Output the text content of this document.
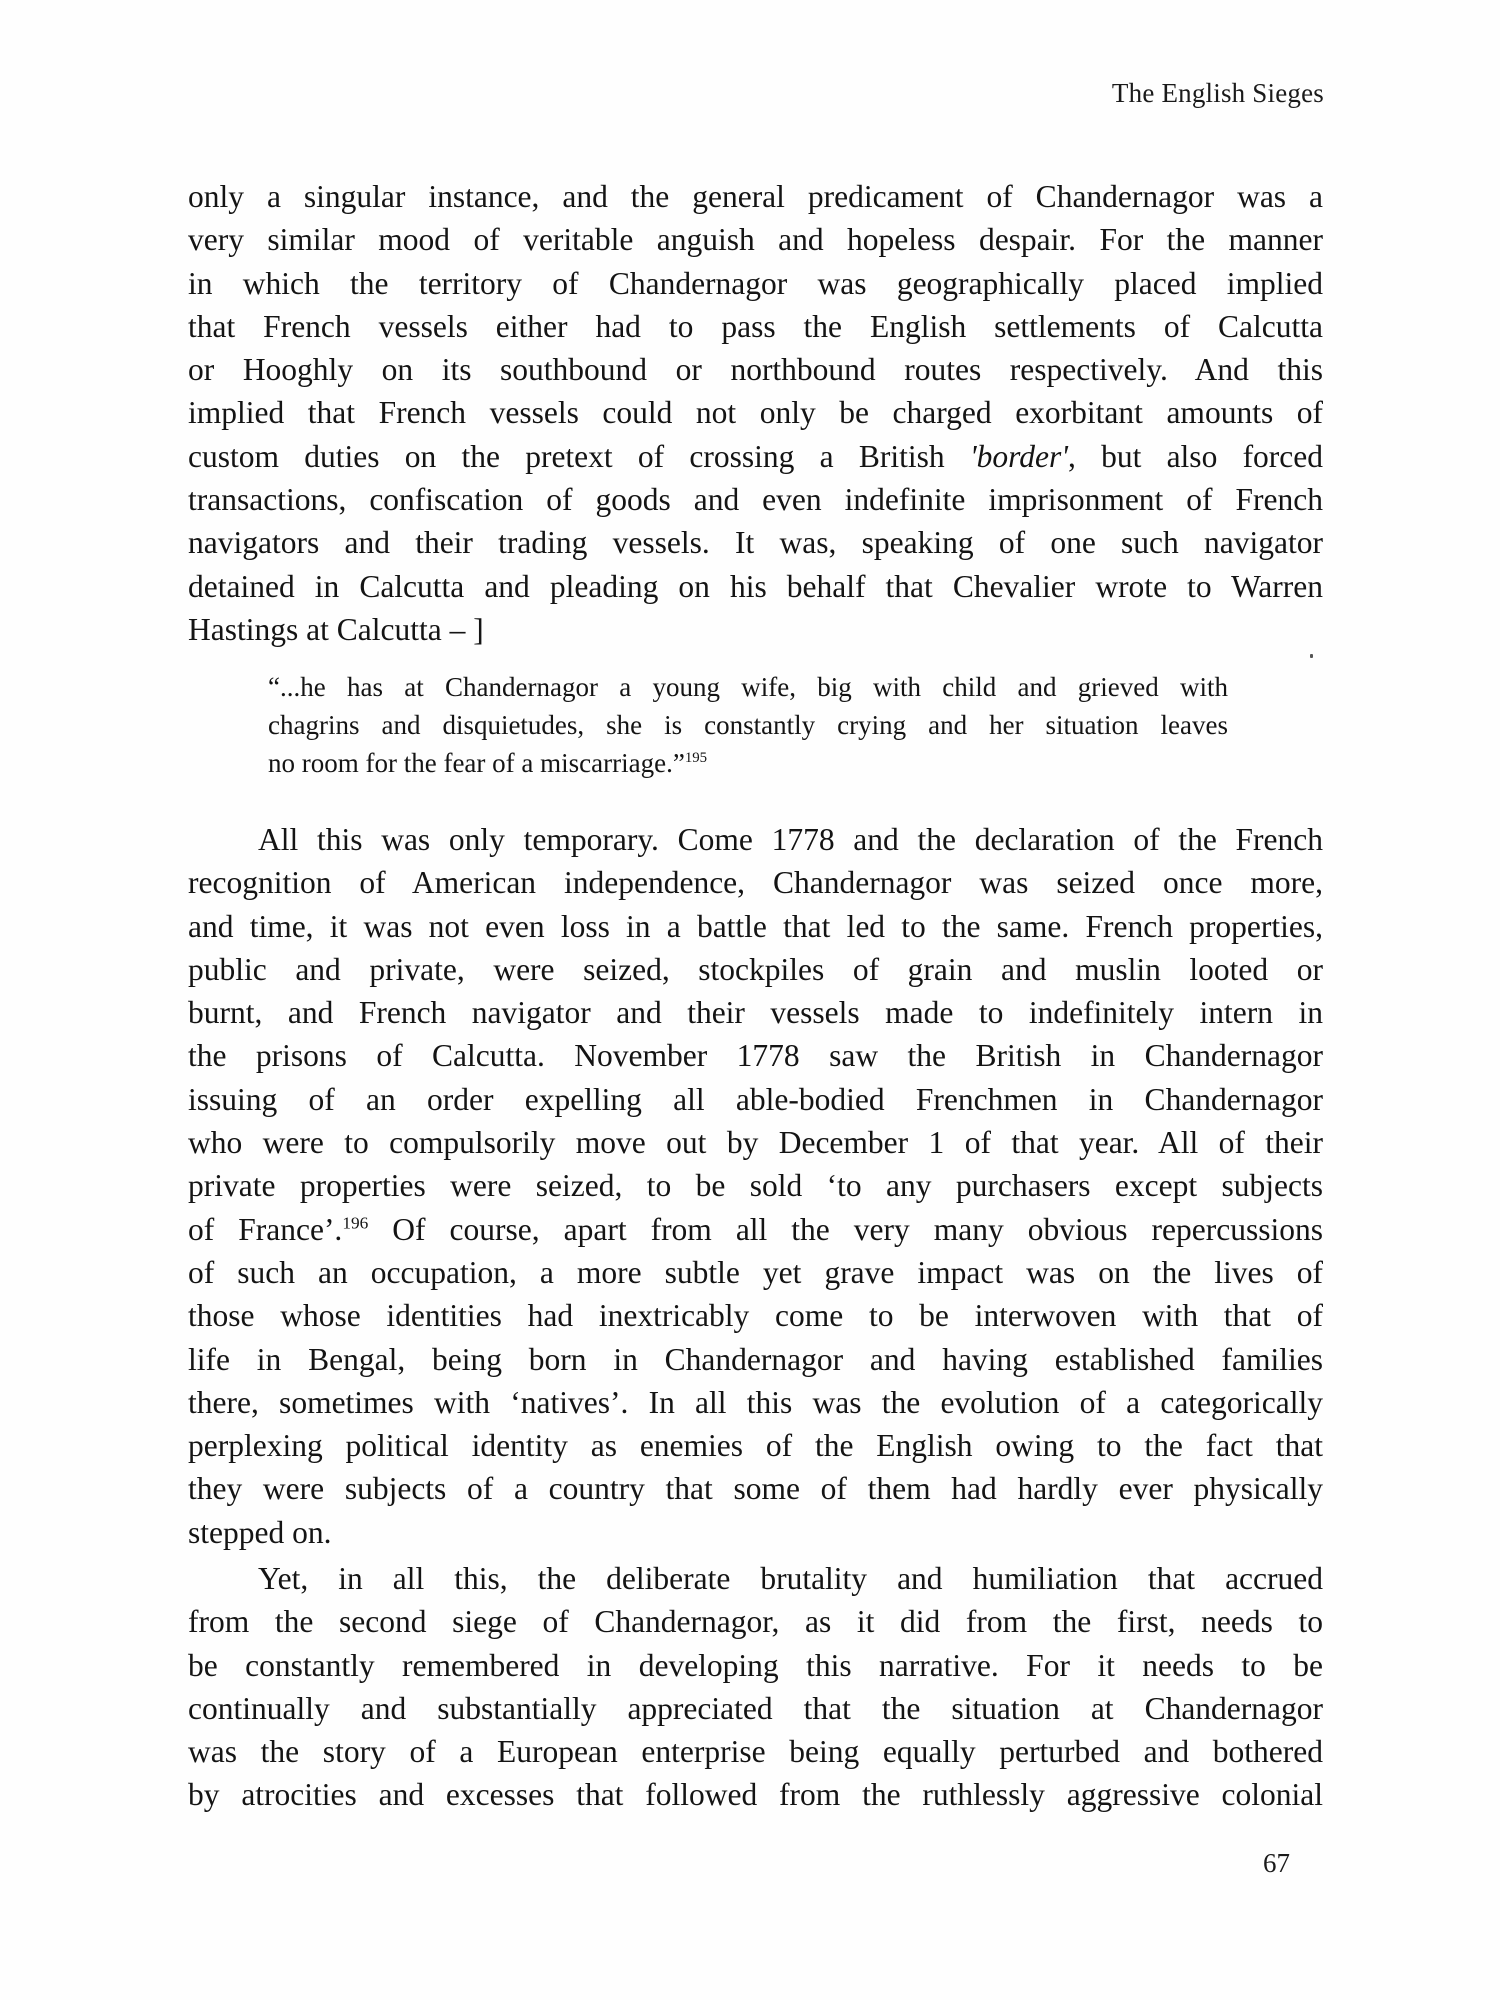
The English Sieges
only a singular instance, and the general predicament of Chandernagor was a
very similar mood of veritable anguish and hopeless despair. For the manner
in which the territory of Chandernagor was geographically placed implied
that French vessels either had to pass the English settlements of Calcutta
or Hooghly on its southbound or northbound routes respectively. And this
implied that French vessels could not only be charged exorbitant amounts of
custom duties on the pretext of crossing a British 'border', but also forced
transactions, confiscation of goods and even indefinite imprisonment of French
navigators and their trading vessels. It was, speaking of one such navigator
detained in Calcutta and pleading on his behalf that Chevalier wrote to Warren
Hastings at Calcutta – ]
“...he has at Chandernagor a young wife, big with child and grieved with
chagrins and disquietudes, she is constantly crying and her situation leaves
no room for the fear of a miscarriage.”$^{195}$
All this was only temporary. Come 1778 and the declaration of the French
recognition of American independence, Chandernagor was seized once more,
and time, it was not even loss in a battle that led to the same. French properties,
public and private, were seized, stockpiles of grain and muslin looted or
burnt, and French navigator and their vessels made to indefinitely intern in
the prisons of Calcutta. November 1778 saw the British in Chandernagor
issuing of an order expelling all able-bodied Frenchmen in Chandernagor
who were to compulsorily move out by December 1 of that year. All of their
private properties were seized, to be sold ‘to any purchasers except subjects
of France’.$^{196}$ Of course, apart from all the very many obvious repercussions
of such an occupation, a more subtle yet grave impact was on the lives of
those whose identities had inextricably come to be interwoven with that of
life in Bengal, being born in Chandernagor and having established families
there, sometimes with ‘natives’. In all this was the evolution of a categorically
perplexing political identity as enemies of the English owing to the fact that
they were subjects of a country that some of them had hardly ever physically
stepped on.
Yet, in all this, the deliberate brutality and humiliation that accrued
from the second siege of Chandernagor, as it did from the first, needs to
be constantly remembered in developing this narrative. For it needs to be
continually and substantially appreciated that the situation at Chandernagor
was the story of a European enterprise being equally perturbed and bothered
by atrocities and excesses that followed from the ruthlessly aggressive colonial
67
